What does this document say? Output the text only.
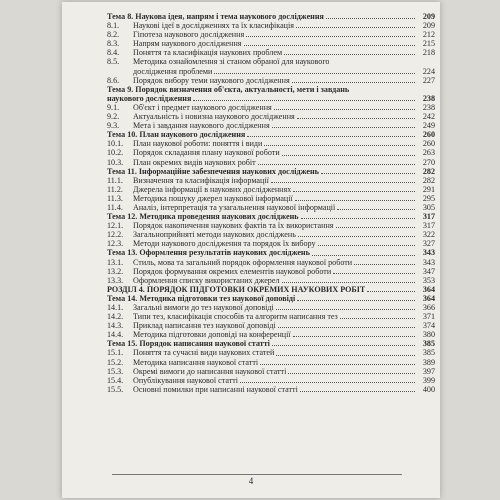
Тема 8. Наукова ідея, напрям і тема наукового дослідження	209
8.1.	Наукові ідеї в дослідженнях та їх класифікація	209
8.2.	Гіпотеза наукового дослідження	212
8.3.	Напрям наукового дослідження	215
8.4.	Поняття та класифікація наукових проблем	218
8.5.	Методика ознайомлення зі станом обраної для наукового
дослідження проблеми	224
8.6.	Порядок вибору теми наукового дослідження	227
Тема 9. Порядок визначення об'єкта, актуальності, мети і завдань
наукового дослідження	238
9.1.	Об'єкт і предмет наукового дослідження	238
9.2.	Актуальність і новизна наукового дослідження	242
9.3.	Мета і завдання наукового дослідження	249
Тема 10. План наукового дослідження	260
10.1.	План наукової роботи: поняття і види	260
10.2.	Порядок складання плану наукової роботи	263
10.3.	План окремих видів наукових робіт	270
Тема 11. Інформаційне забезпечення наукових досліджень	282
11.1.	Визначення та класифікація інформації	282
11.2.	Джерела інформації в наукових дослідженнях	291
11.3.	Методика пошуку джерел наукової інформації	295
11.4.	Аналіз, інтерпретація та узагальнення наукової інформації	305
Тема 12. Методика проведення наукових досліджень	317
12.1.	Порядок накопичення наукових фактів та їх використання	317
12.2.	Загальноприйняті методи наукових досліджень	322
12.3.	Методи наукового дослідження та порядок їх вибору	327
Тема 13. Оформлення результатів наукових досліджень	343
13.1.	Стиль, мова та загальний порядок оформлення наукової роботи	343
13.2.	Порядок формування окремих елементів наукової роботи	347
13.3.	Оформлення списку використаних джерел	353
РОЗДІЛ 4. ПОРЯДОК ПІДГОТОВКИ ОКРЕМИХ НАУКОВИХ РОБІТ	364
Тема 14. Методика підготовки тез наукової доповіді	364
14.1.	Загальні вимоги до тез наукової доповіді	366
14.2.	Типи тез, класифікація способів та алгоритм написання тез	371
14.3.	Приклад написання тез наукової доповіді	374
14.4.	Методика підготовки доповіді на конференції	380
Тема 15. Порядок написання наукової статті	385
15.1.	Поняття та сучасні види наукових статей	385
15.2.	Методика написання наукової статті	389
15.3.	Окремі вимоги до написання наукової статті	397
15.4.	Опублікування наукової статті	399
15.5.	Основні помилки при написанні наукової статті	400
4
